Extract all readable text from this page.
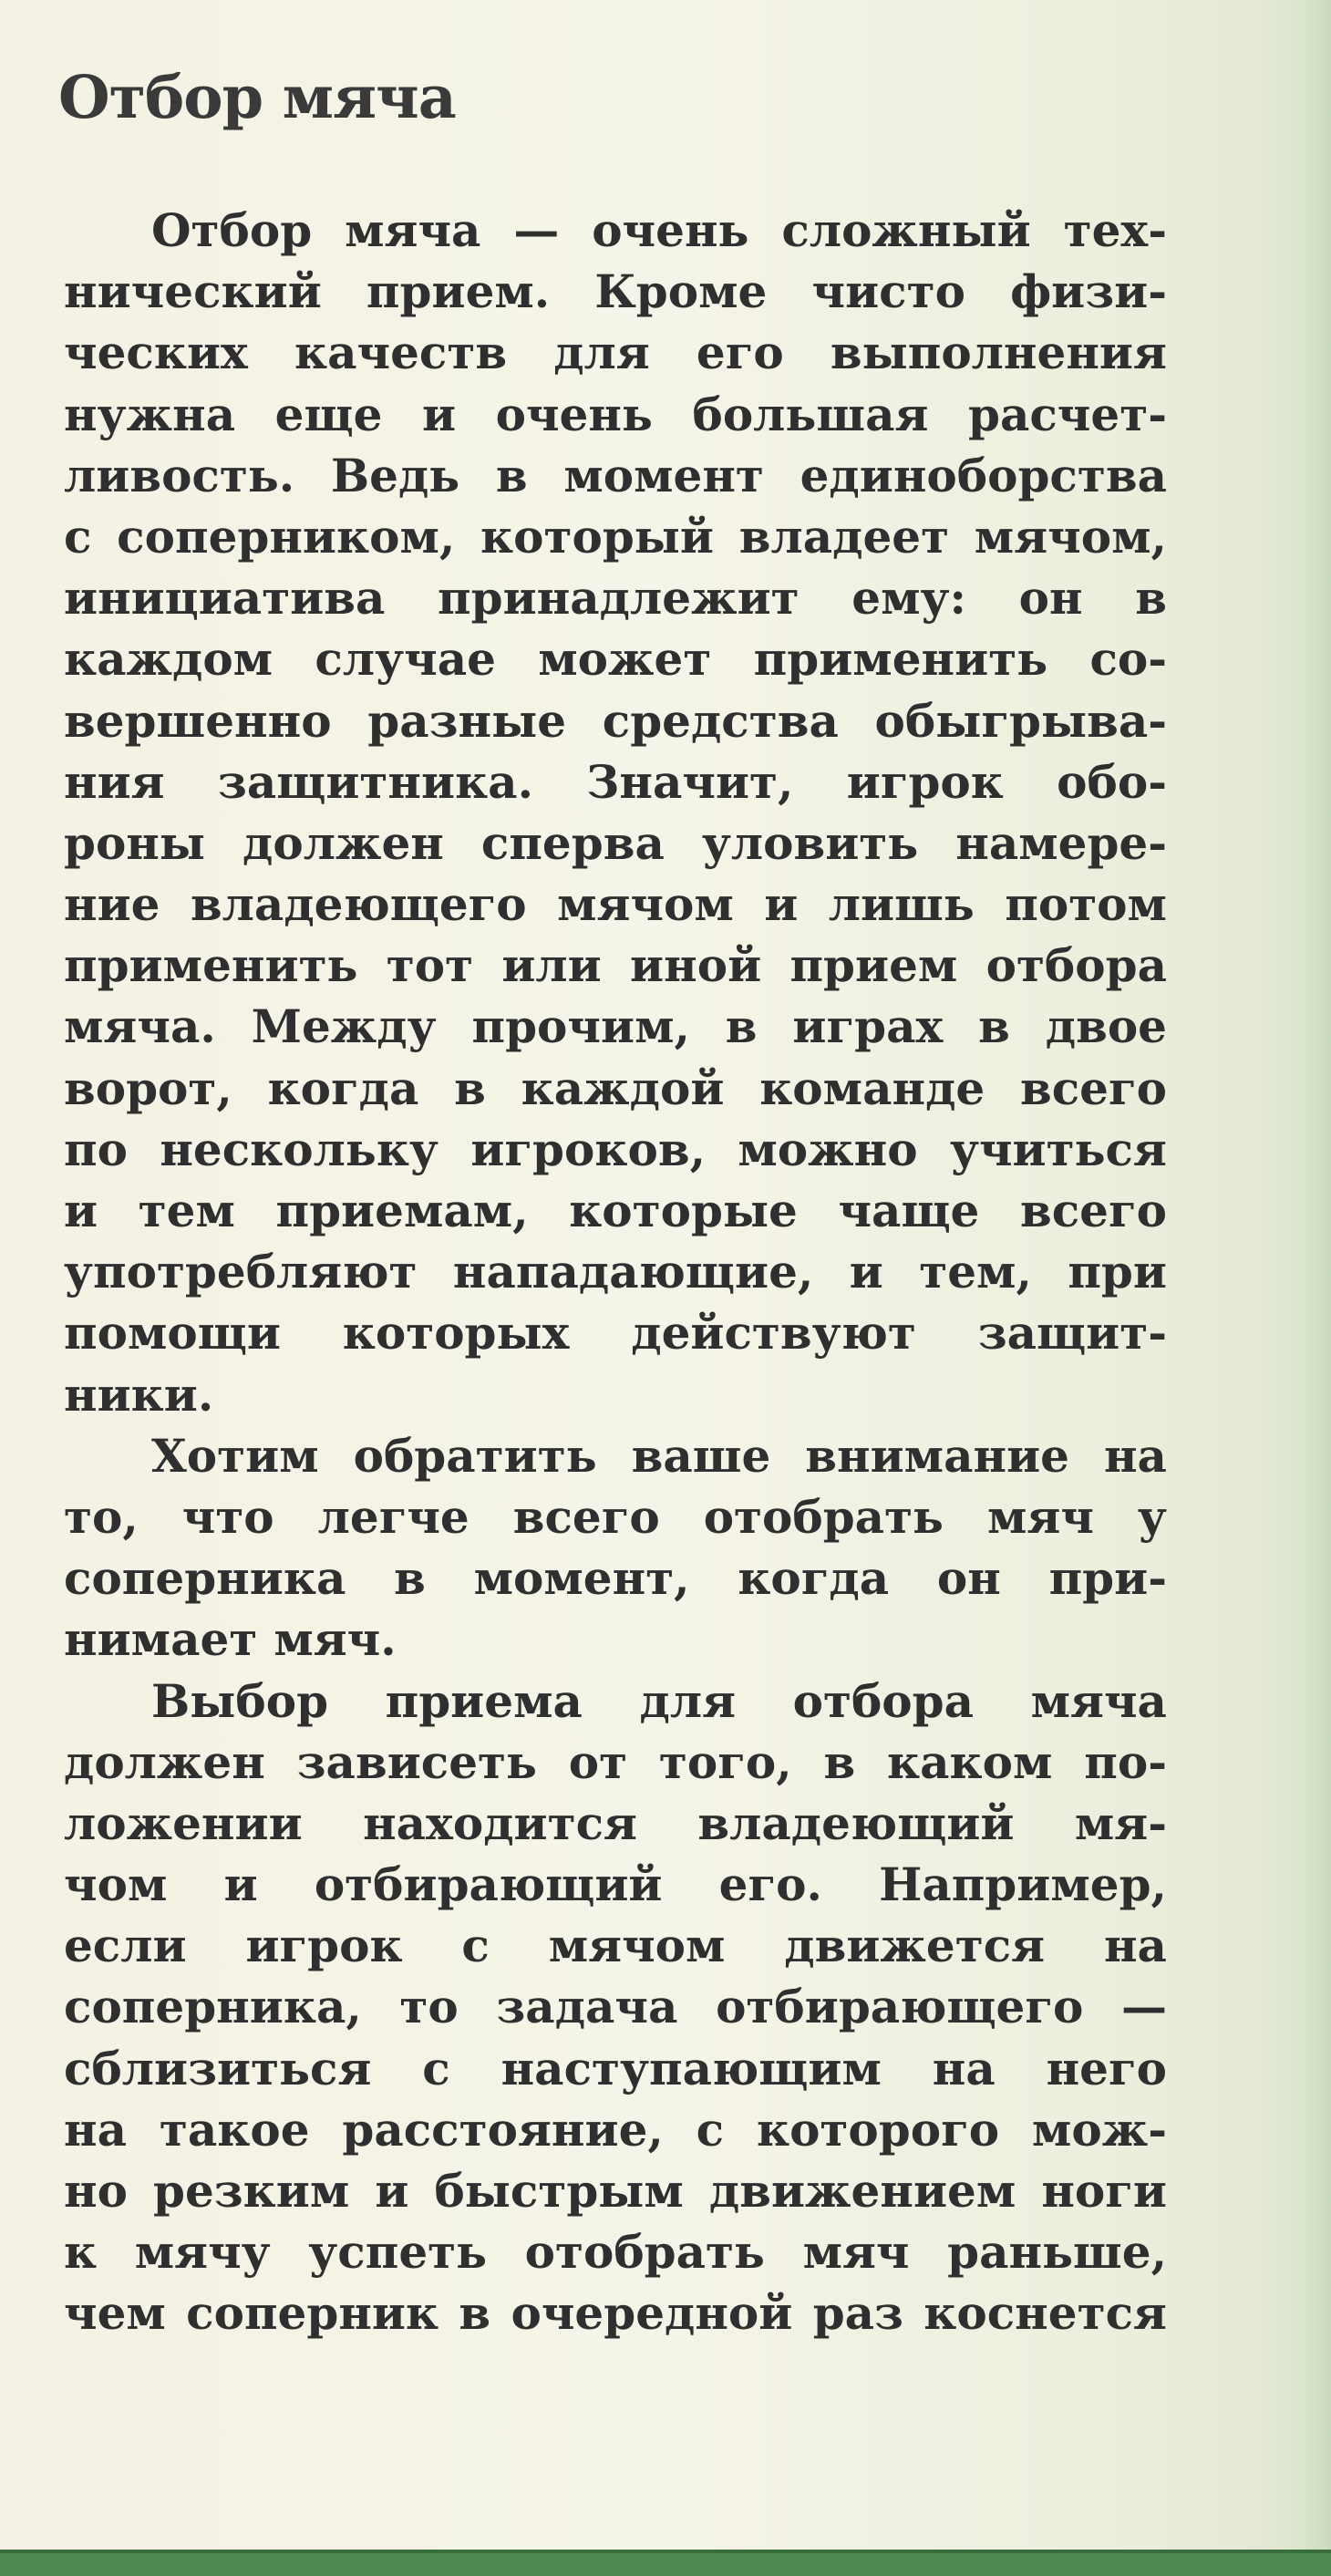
Отбор мяча
Отбор мяча — очень сложный тех-
нический прием. Кроме чисто физи-
ческих качеств для его выполнения
нужна еще и очень большая расчет-
ливость. Ведь в момент единоборства
с соперником, который владеет мячом,
инициатива принадлежит ему: он в
каждом случае может применить со-
вершенно разные средства обыгрыва-
ния защитника. Значит, игрок обо-
роны должен сперва уловить намере-
ние владеющего мячом и лишь потом
применить тот или иной прием отбора
мяча. Между прочим, в играх в двое
ворот, когда в каждой команде всего
по нескольку игроков, можно учиться
и тем приемам, которые чаще всего
употребляют нападающие, и тем, при
помощи которых действуют защит-
ники.
Хотим обратить ваше внимание на
то, что легче всего отобрать мяч у
соперника в момент, когда он при-
нимает мяч.
Выбор приема для отбора мяча
должен зависеть от того, в каком по-
ложении находится владеющий мя-
чом и отбирающий его. Например,
если игрок с мячом движется на
соперника, то задача отбирающего —
сблизиться с наступающим на него
на такое расстояние, с которого мож-
но резким и быстрым движением ноги
к мячу успеть отобрать мяч раньше,
чем соперник в очередной раз коснется
